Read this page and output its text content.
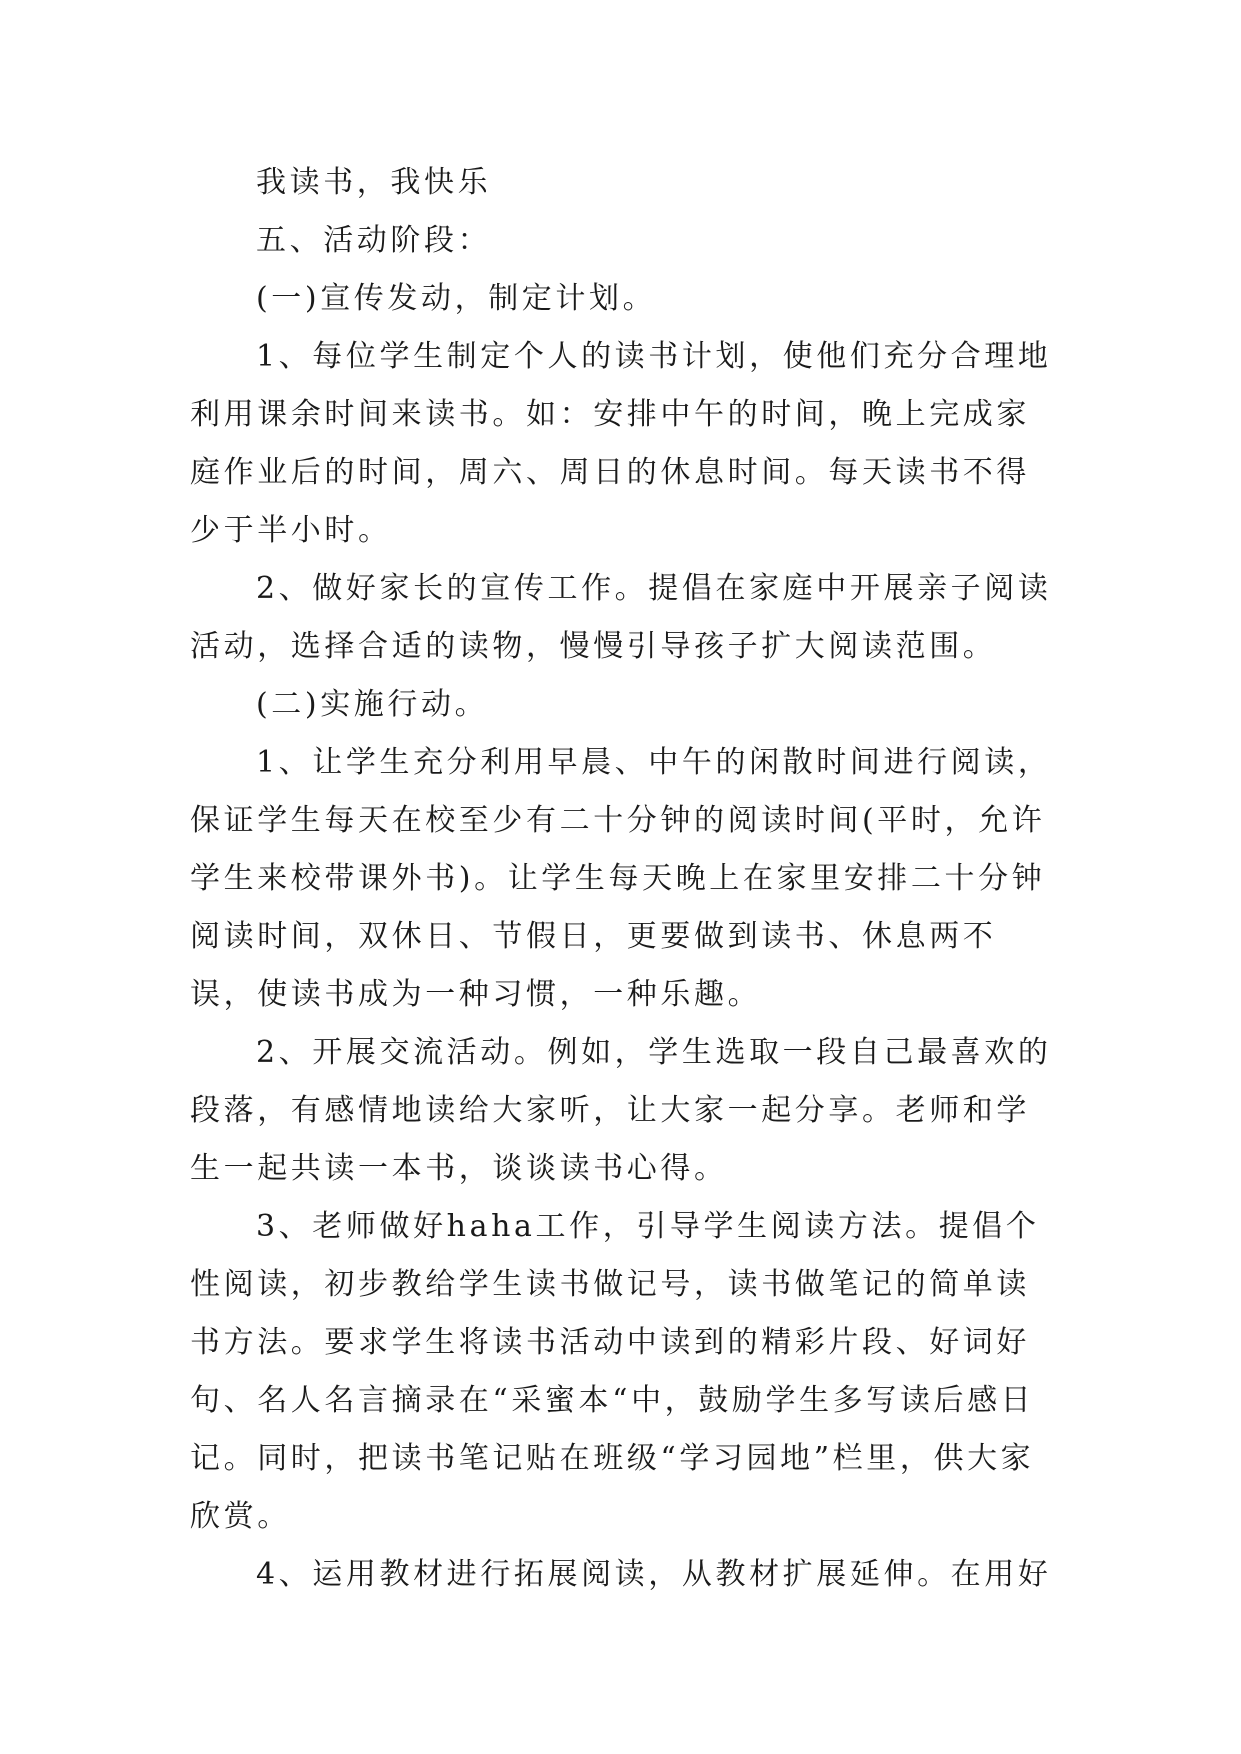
我读书，我快乐

五、活动阶段：

(一)宣传发动，制定计划。

1、每位学生制定个人的读书计划，使他们充分合理地利用课余时间来读书。如：安排中午的时间，晚上完成家庭作业后的时间，周六、周日的休息时间。每天读书不得少于半小时。

2、做好家长的宣传工作。提倡在家庭中开展亲子阅读活动，选择合适的读物，慢慢引导孩子扩大阅读范围。

(二)实施行动。

1、让学生充分利用早晨、中午的闲散时间进行阅读，保证学生每天在校至少有二十分钟的阅读时间(平时，允许学生来校带课外书)。让学生每天晚上在家里安排二十分钟阅读时间，双休日、节假日，更要做到读书、休息两不误，使读书成为一种习惯，一种乐趣。

2、开展交流活动。例如，学生选取一段自己最喜欢的段落，有感情地读给大家听，让大家一起分享。老师和学生一起共读一本书，谈谈读书心得。

3、老师做好haha工作，引导学生阅读方法。提倡个性阅读，初步教给学生读书做记号，读书做笔记的简单读书方法。要求学生将读书活动中读到的精彩片段、好词好句、名人名言摘录在“采蜜本“中，鼓励学生多写读后感日记。同时，把读书笔记贴在班级“学习园地”栏里，供大家欣赏。

4、运用教材进行拓展阅读，从教材扩展延伸。在用好
